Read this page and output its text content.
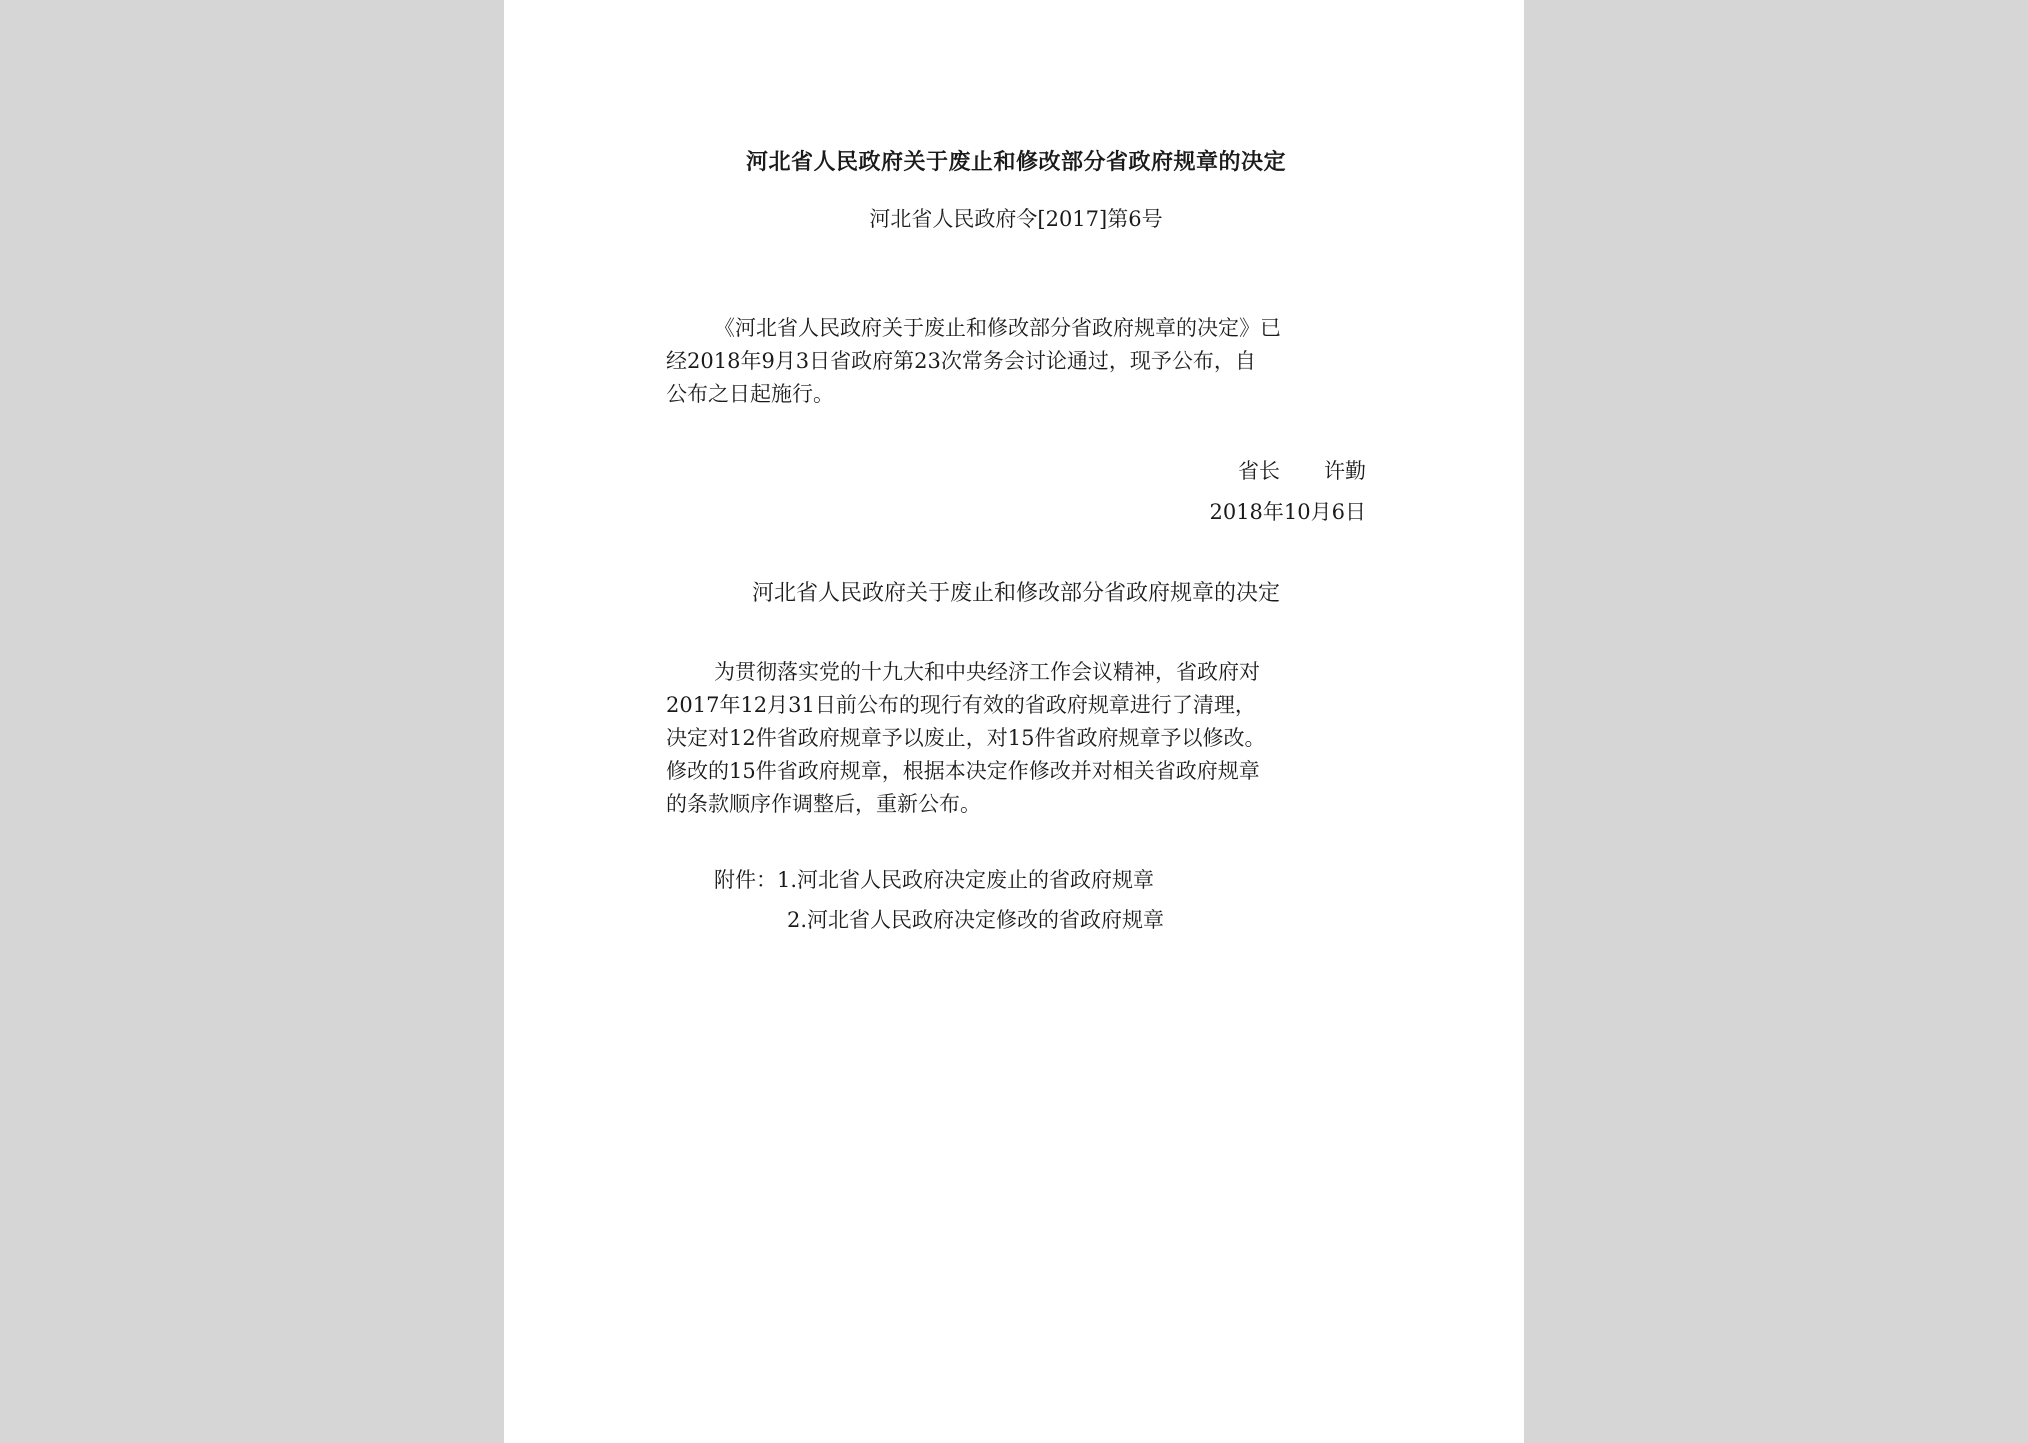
河北省人民政府关于废止和修改部分省政府规章的决定
河北省人民政府令[2017]第6号
《河北省人民政府关于废止和修改部分省政府规章的决定》已
经2018年9月3日省政府第23次常务会讨论通过，现予公布，自
公布之日起施行。
省长 许勤
2018年10月6日
河北省人民政府关于废止和修改部分省政府规章的决定
为贯彻落实党的十九大和中央经济工作会议精神，省政府对
2017年12月31日前公布的现行有效的省政府规章进行了清理，
决定对12件省政府规章予以废止，对15件省政府规章予以修改。
修改的15件省政府规章，根据本决定作修改并对相关省政府规章
的条款顺序作调整后，重新公布。
附件：1.河北省人民政府决定废止的省政府规章
2.河北省人民政府决定修改的省政府规章
